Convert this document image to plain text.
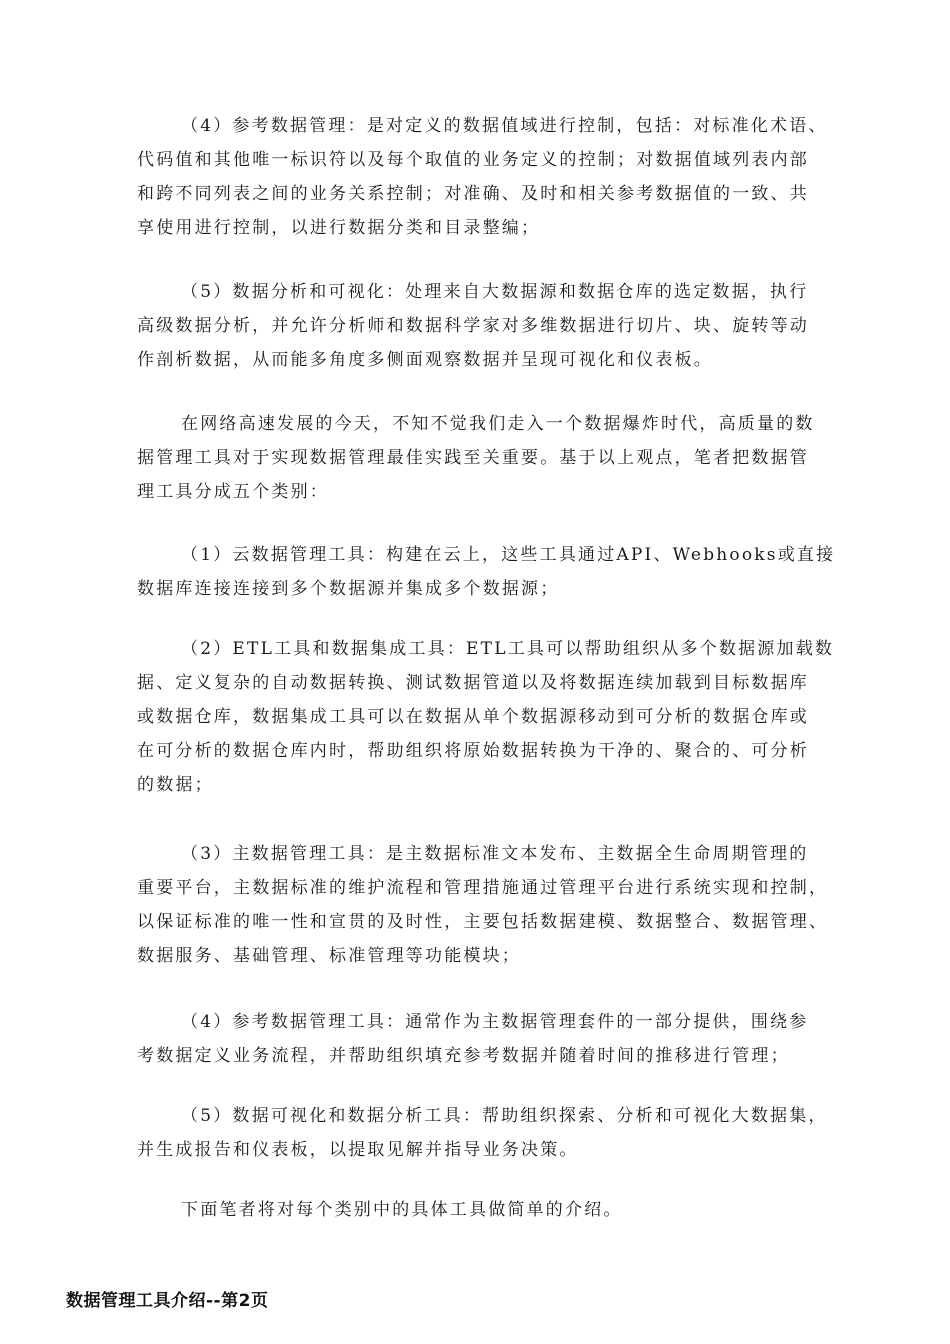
（4）参考数据管理：是对定义的数据值域进行控制，包括：对标准化术语、
代码值和其他唯一标识符以及每个取值的业务定义的控制；对数据值域列表内部
和跨不同列表之间的业务关系控制；对准确、及时和相关参考数据值的一致、共
享使用进行控制，以进行数据分类和目录整编；
（5）数据分析和可视化：处理来自大数据源和数据仓库的选定数据，执行
高级数据分析，并允许分析师和数据科学家对多维数据进行切片、块、旋转等动
作剖析数据，从而能多角度多侧面观察数据并呈现可视化和仪表板。
在网络高速发展的今天，不知不觉我们走入一个数据爆炸时代，高质量的数
据管理工具对于实现数据管理最佳实践至关重要。基于以上观点，笔者把数据管
理工具分成五个类别：
（1）云数据管理工具：构建在云上，这些工具通过API、Webhooks或直接
数据库连接连接到多个数据源并集成多个数据源；
（2）ETL工具和数据集成工具：ETL工具可以帮助组织从多个数据源加载数
据、定义复杂的自动数据转换、测试数据管道以及将数据连续加载到目标数据库
或数据仓库，数据集成工具可以在数据从单个数据源移动到可分析的数据仓库或
在可分析的数据仓库内时，帮助组织将原始数据转换为干净的、聚合的、可分析
的数据；
（3）主数据管理工具：是主数据标准文本发布、主数据全生命周期管理的
重要平台，主数据标准的维护流程和管理措施通过管理平台进行系统实现和控制，
以保证标准的唯一性和宣贯的及时性，主要包括数据建模、数据整合、数据管理、
数据服务、基础管理、标准管理等功能模块；
（4）参考数据管理工具：通常作为主数据管理套件的一部分提供，围绕参
考数据定义业务流程，并帮助组织填充参考数据并随着时间的推移进行管理；
（5）数据可视化和数据分析工具：帮助组织探索、分析和可视化大数据集，
并生成报告和仪表板，以提取见解并指导业务决策。
下面笔者将对每个类别中的具体工具做简单的介绍。
数据管理工具介绍--第2页
